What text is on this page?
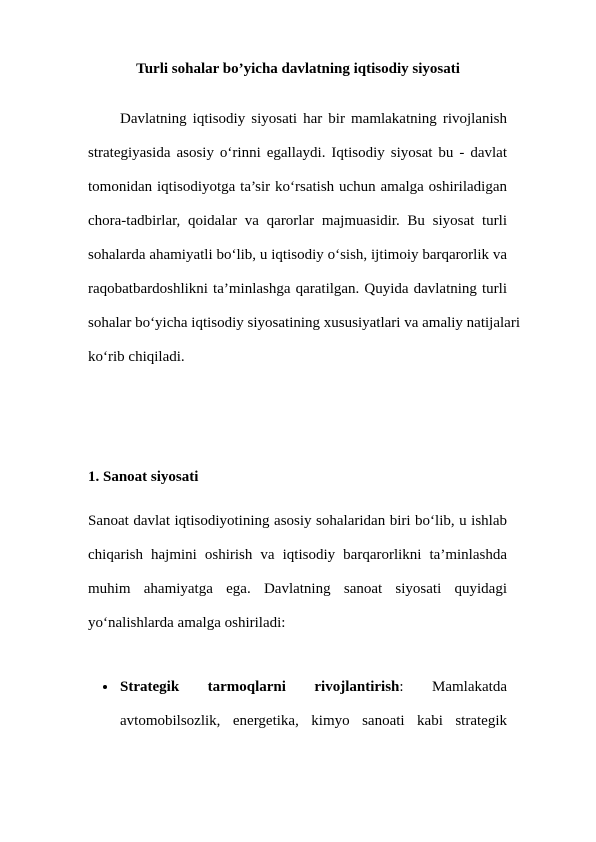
Turli sohalar bo’yicha davlatning iqtisodiy siyosati
Davlatning iqtisodiy siyosati har bir mamlakatning rivojlanish
strategiyasida asosiy o‘rinni egallaydi. Iqtisodiy siyosat bu - davlat
tomonidan iqtisodiyotga ta’sir ko‘rsatish uchun amalga oshiriladigan
chora-tadbirlar, qoidalar va qarorlar majmuasidir. Bu siyosat turli
sohalarda ahamiyatli bo‘lib, u iqtisodiy o‘sish, ijtimoiy barqarorlik va
raqobatbardoshlikni ta’minlashga qaratilgan. Quyida davlatning turli
sohalar bo‘yicha iqtisodiy siyosatining xususiyatlari va amaliy natijalari
ko‘rib chiqiladi.
1. Sanoat siyosati
Sanoat davlat iqtisodiyotining asosiy sohalaridan biri bo‘lib, u ishlab
chiqarish hajmini oshirish va iqtisodiy barqarorlikni ta’minlashda
muhim ahamiyatga ega. Davlatning sanoat siyosati quyidagi
yo‘nalishlarda amalga oshiriladi:
Strategik tarmoqlarni rivojlantirish: Mamlakatda
avtomobilsozlik, energetika, kimyo sanoati kabi strategik
